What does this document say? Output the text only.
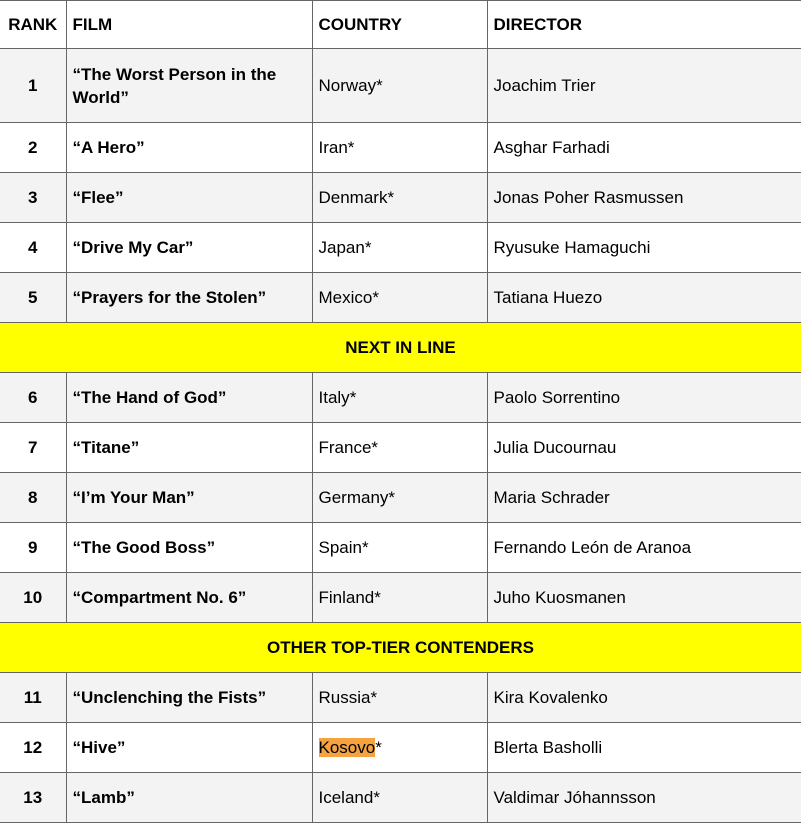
RANK	FILM	COUNTRY	DIRECTOR
1	“The Worst Person in the World”	Norway*	Joachim Trier
2	“A Hero”	Iran*	Asghar Farhadi
3	“Flee”	Denmark*	Jonas Poher Rasmussen
4	“Drive My Car”	Japan*	Ryusuke Hamaguchi
5	“Prayers for the Stolen”	Mexico*	Tatiana Huezo
NEXT IN LINE			
6	“The Hand of God”	Italy*	Paolo Sorrentino
7	“Titane”	France*	Julia Ducournau
8	“I’m Your Man”	Germany*	Maria Schrader
9	“The Good Boss”	Spain*	Fernando León de Aranoa
10	“Compartment No. 6”	Finland*	Juho Kuosmanen
OTHER TOP-TIER CONTENDERS			
11	“Unclenching the Fists”	Russia*	Kira Kovalenko
12	“Hive”	Kosovo*	Blerta Basholli
13	“Lamb”	Iceland*	Valdimar Jóhannsson
